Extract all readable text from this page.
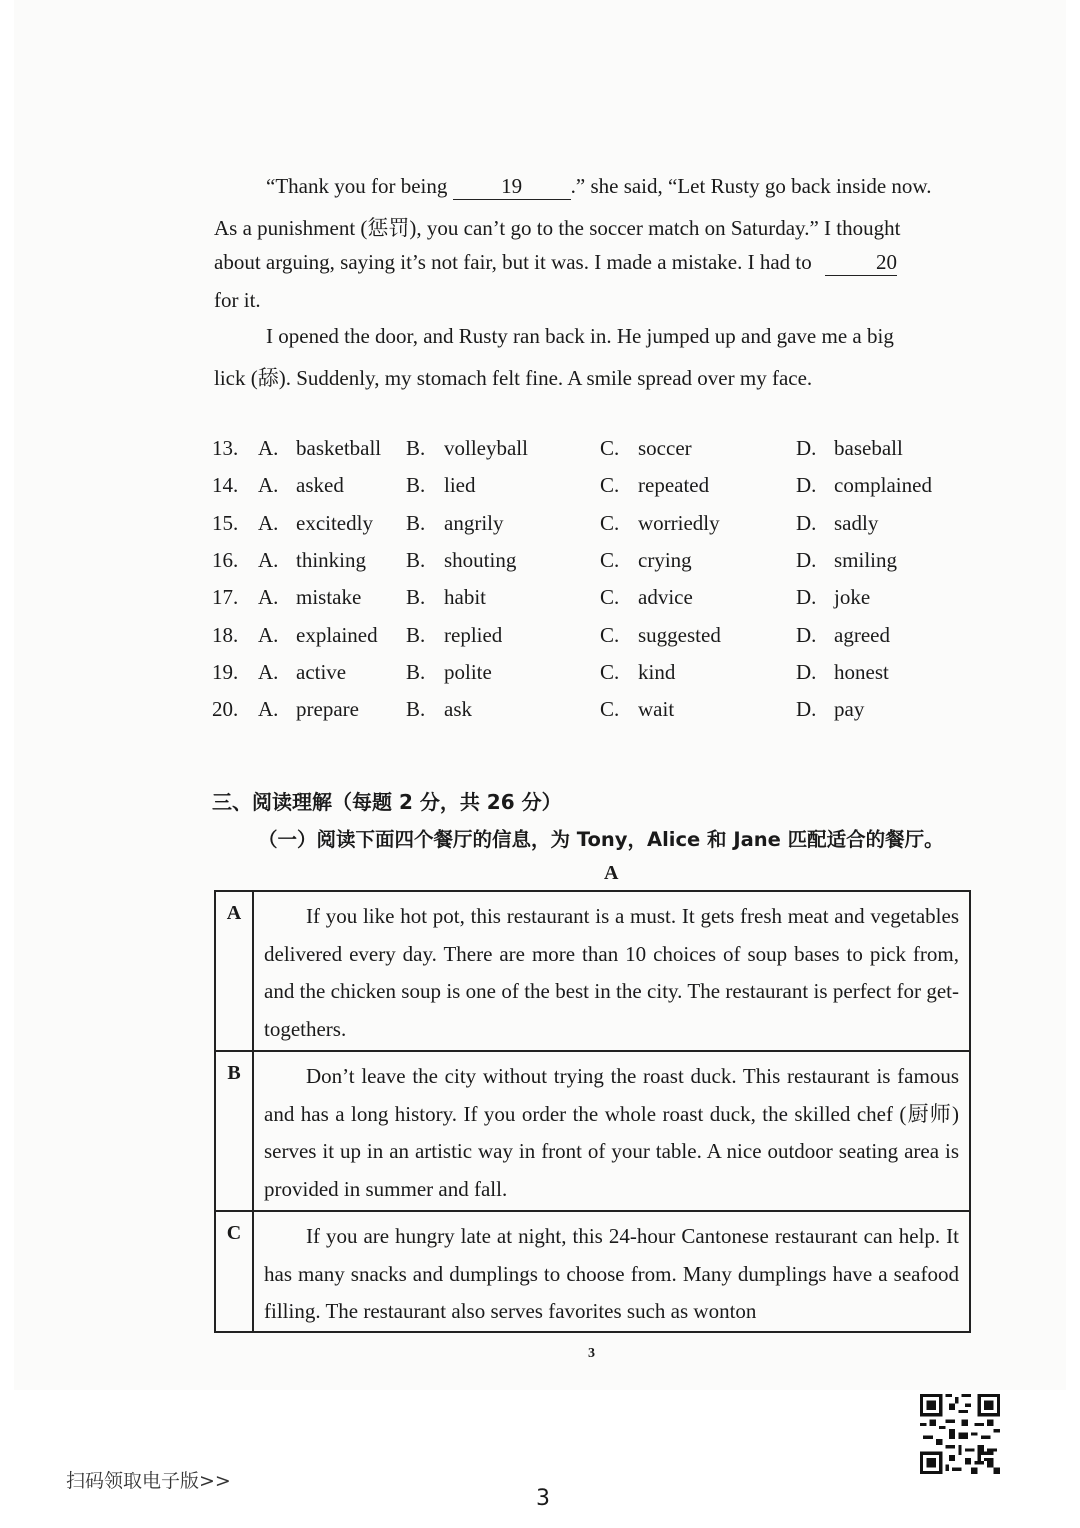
“Thank you for being	19 .” she said, “Let Rusty go back inside now.
As a punishment (惩罚), you can’t go to the soccer match on Saturday.” I thought
about arguing, saying it’s not fair, but it was. I made a mistake. I had to	20
for it.
I opened the door, and Rusty ran back in. He jumped up and gave me a big
lick (舔). Suddenly, my stomach felt fine. A smile spread over my face.
13. A. basketball B. volleyball	C. soccer	D. baseball
14. A. asked	B. lied	C. repeated	D. complained
15. A. excitedly B. angrily	C. worriedly	D. sadly
16. A. thinking B. shouting	C. crying	D. smiling
17. A. mistake B. habit	C. advice	D. joke
18. A. explained B. replied	C. suggested	D. agreed
19. A. active	B. polite	C. kind	D. honest
20. A. prepare B. ask	C. wait	D. pay
三、阅读理解（每题 2 分，共 26 分）
（一）阅读下面四个餐厅的信息，为 Tony，Alice 和 Jane 匹配适合的餐厅。
A
A	If you like hot pot, this restaurant is a must. It gets fresh meat and vegetables delivered every day. There are more than 10 choices of soup bases to pick from, and the chicken soup is one of the best in the city. The restaurant is perfect for get-togethers.
B	Don’t leave the city without trying the roast duck. This restaurant is famous and has a long history. If you order the whole roast duck, the skilled chef (厨师) serves it up in an artistic way in front of your table. A nice outdoor seating area is provided in summer and fall.
C	If you are hungry late at night, this 24-hour Cantonese restaurant can help. It has many snacks and dumplings to choose from. Many dumplings have a seafood filling. The restaurant also serves favorites such as wonton
3
扫码领取电子版>>
3
